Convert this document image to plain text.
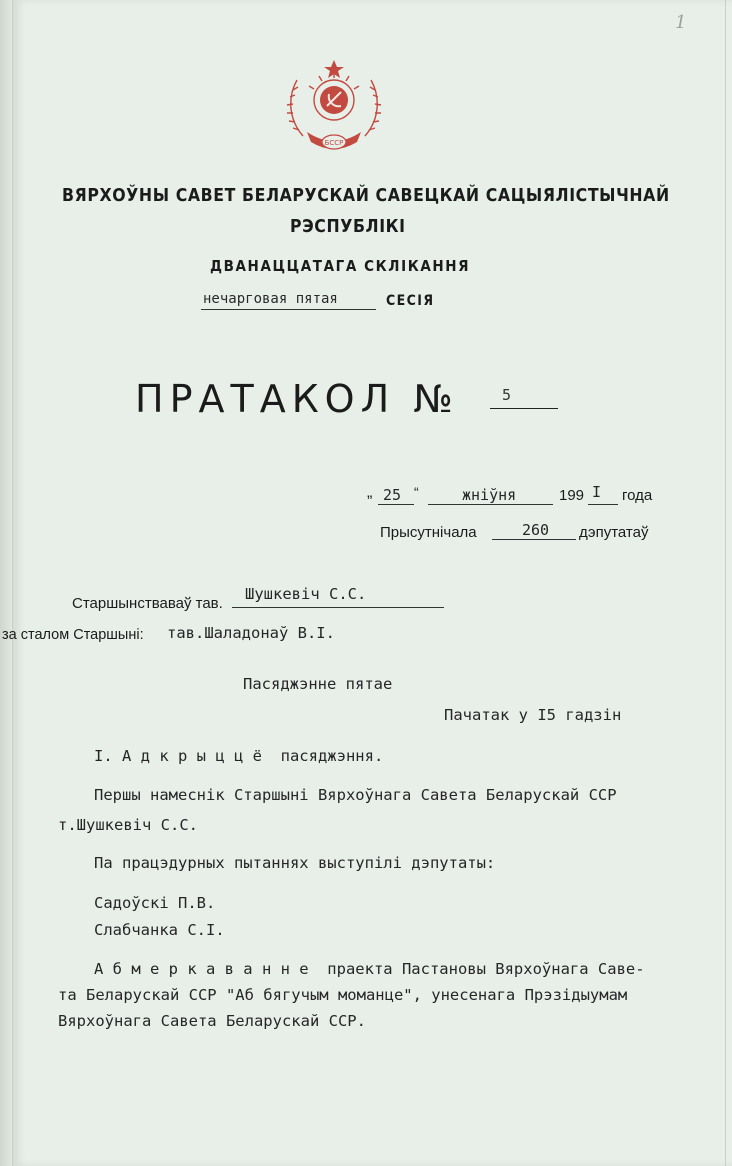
1
БССР
ВЯРХОЎНЫ САВЕТ БЕЛАРУСКАЙ САВЕЦКАЙ САЦЫЯЛІСТЫЧНАЙ
РЭСПУБЛІКІ
ДВАНАЦЦАТАГА СКЛІКАННЯ
нечарговая пятая	СЕСІЯ
ПРАТАКОЛ №	5
„ 25 “	жніўня	199 I года
Прысутнічала	260 дэпутатаў
Старшынстваваў тав.
Шушкевіч С.С.
за сталом Старшыні: тав.Шаладонаў В.І.
Пасяджэнне пятае
Пачатак у І5 гадзін
І. А д к р ы ц ц ё  пасяджэння.
Першы намеснік Старшыні Вярхоўнага Савета Беларускай ССР
т.Шушкевіч С.С.
Па працэдурных пытаннях выступілі дэпутаты:
Садоўскі П.В.
Слабчанка С.І.
А б м е р к а в а н н е  праекта Пастановы Вярхоўнага Саве-
та Беларускай ССР "Аб бягучым моманце", унесенага Прэзідыумам
Вярхоўнага Савета Беларускай ССР.
